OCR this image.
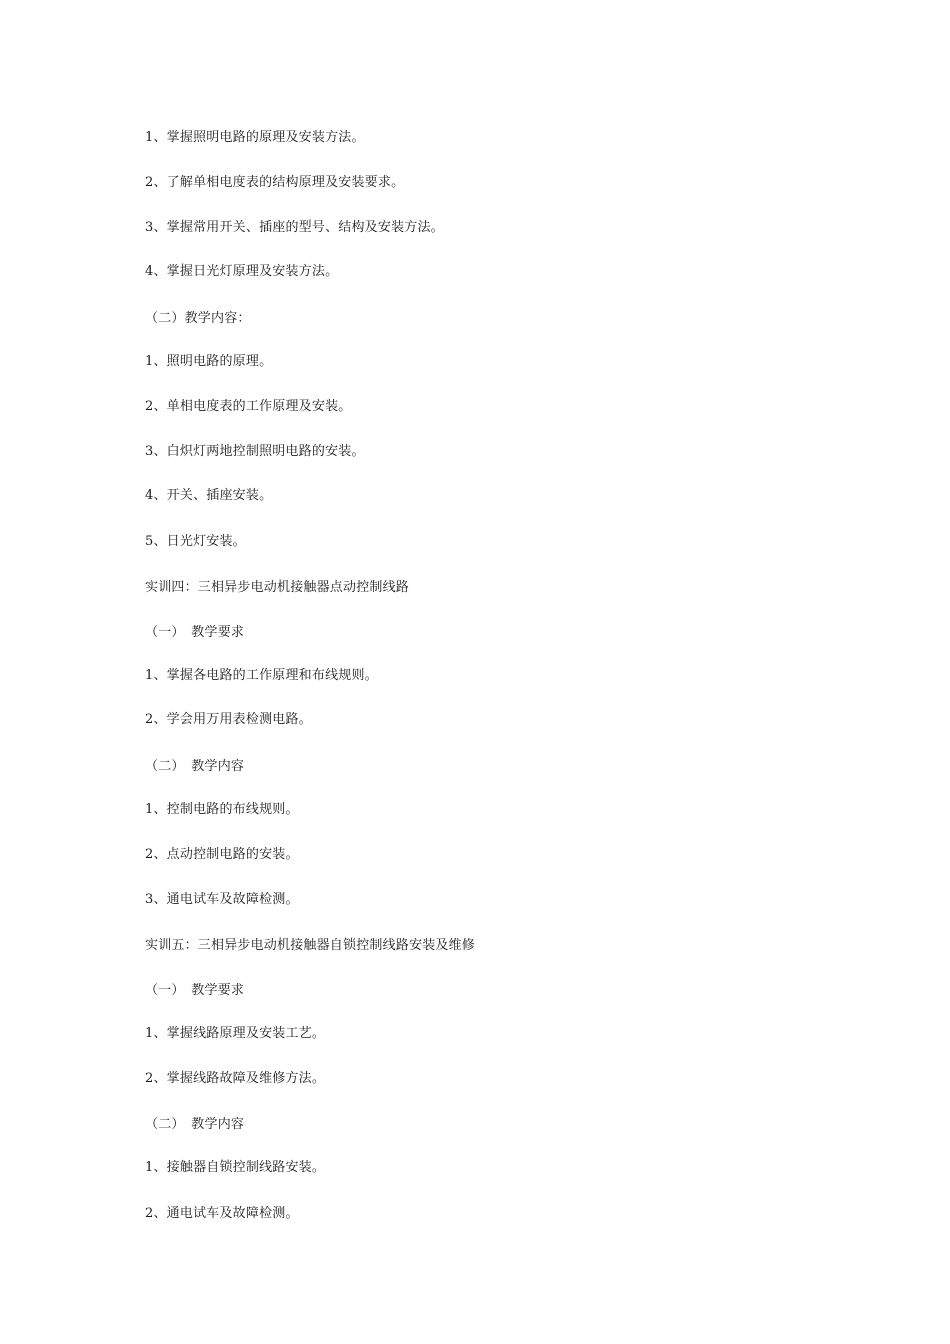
1、掌握照明电路的原理及安装方法。
2、了解单相电度表的结构原理及安装要求。
3、掌握常用开关、插座的型号、结构及安装方法。
4、掌握日光灯原理及安装方法。
（二）教学内容：
1、照明电路的原理。
2、单相电度表的工作原理及安装。
3、白炽灯两地控制照明电路的安装。
4、开关、插座安装。
5、日光灯安装。
实训四：三相异步电动机接触器点动控制线路
（一）　教学要求
1、掌握各电路的工作原理和布线规则。
2、学会用万用表检测电路。
（二）　教学内容
1、控制电路的布线规则。
2、点动控制电路的安装。
3、通电试车及故障检测。
实训五：三相异步电动机接触器自锁控制线路安装及维修
（一）　教学要求
1、掌握线路原理及安装工艺。
2、掌握线路故障及维修方法。
（二）　教学内容
1、接触器自锁控制线路安装。
2、通电试车及故障检测。
